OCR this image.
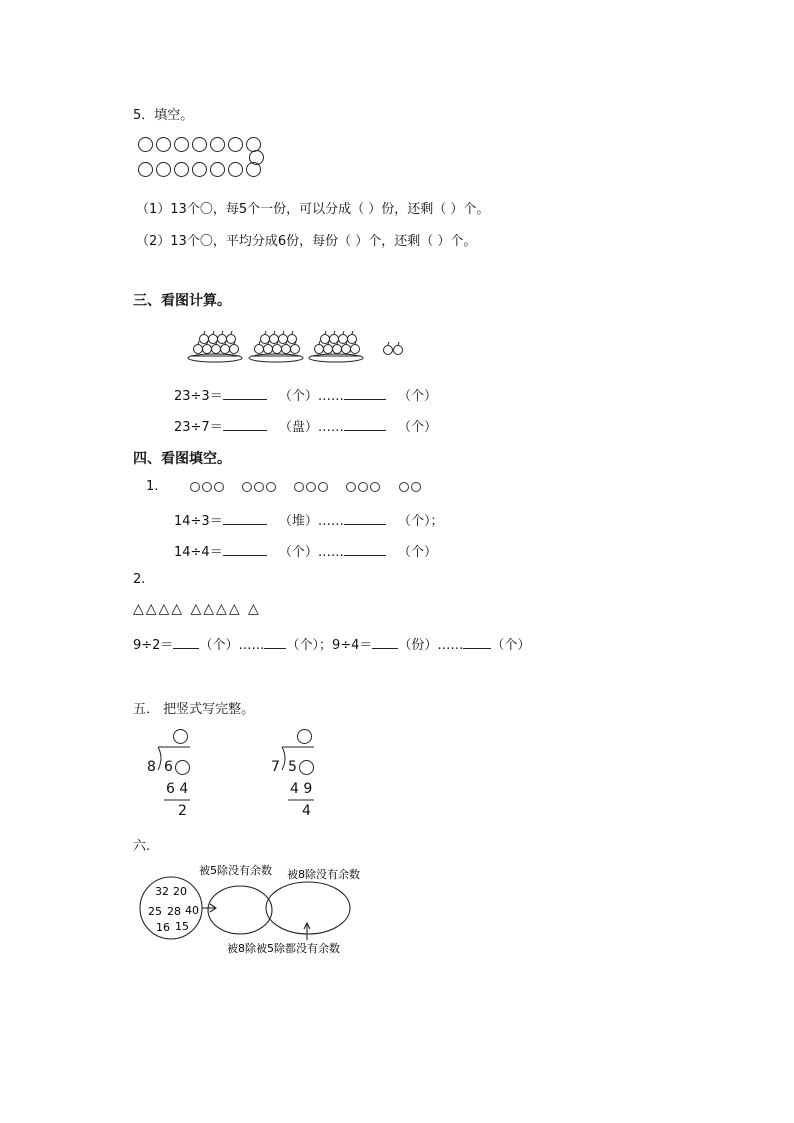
5．填空。
（1）13个〇，每5个一份，可以分成（ ）份，还剩（ ）个。
（2）13个〇，平均分成6份，每份（ ）个，还剩（ ）个。
三、看图计算。
23÷3＝	（个）……	（个）
23÷7＝	（盘）……	（个）
四、看图填空。
1.

14÷3＝	（堆）……	（个）；
14÷4＝	（个）……	（个）
2.
△△△△ △△△△ △
9÷2＝ （个）…… （个）；9÷4＝ （份）…… （个）
五． 把竖式写完整。
8 6
6 4
2
7 5
4 9
4
六.
32 20
25 28 40
16 15
被5除没有余数 被8除没有余数
被8除被5除都没有余数
